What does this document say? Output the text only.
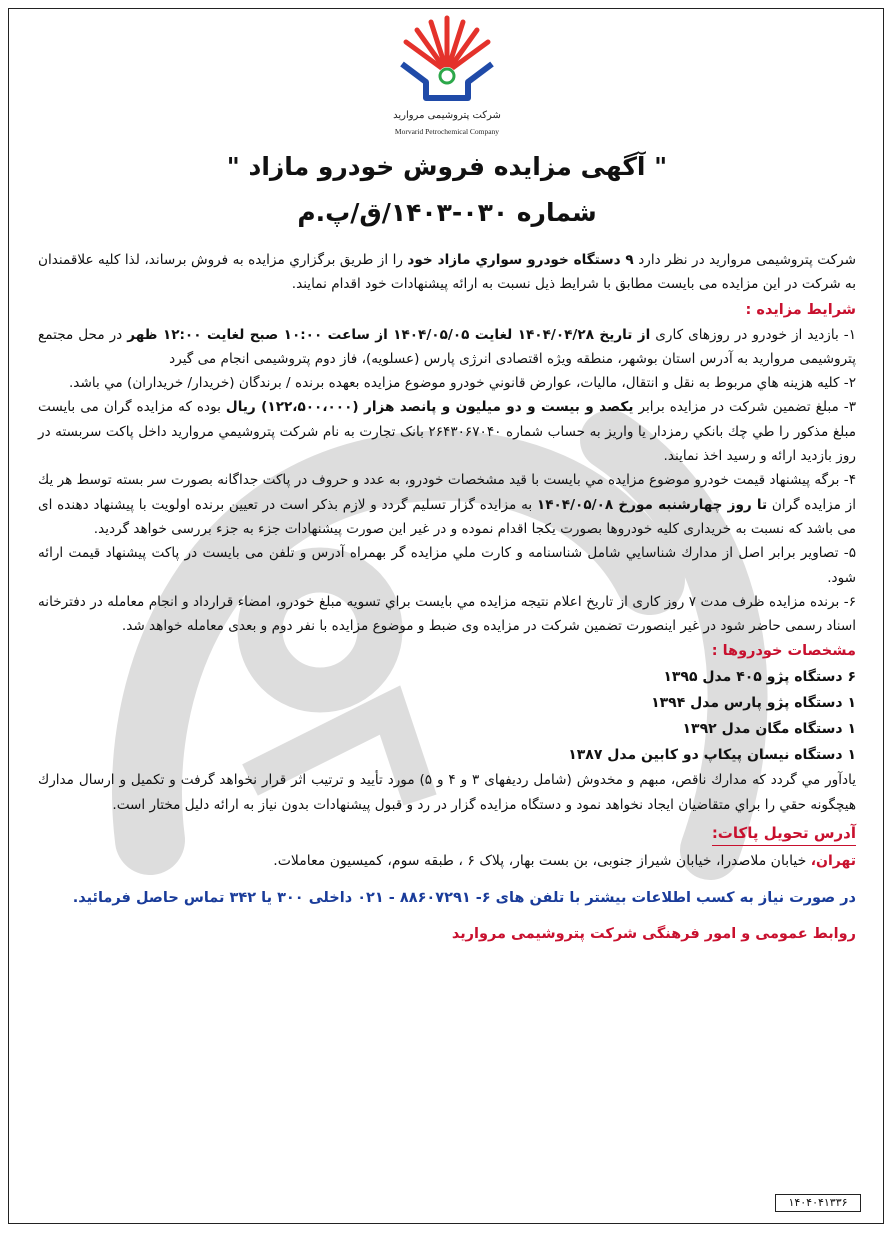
شرکت پتروشیمی مروارید
Morvarid Petrochemical Company
" آگهی مزایده فروش خودرو مازاد "
شماره ۰۳۰-۱۴۰۳/ق/پ.م

شرکت پتروشیمی مروارید در نظر دارد ۹ دستگاه خودرو سواري مازاد خود را از طریق برگزاري مزایده به فروش برساند، لذا کلیه علاقمندان به شرکت در این مزایده می بایست مطابق با شرایط ذیل نسبت به ارائه پیشنهادات خود اقدام نمایند.

شرایط مزایده :

۱- بازدید از خودرو در روزهای کاری از تاریخ ۱۴۰۴/۰۴/۲۸ لغایت ۱۴۰۴/۰۵/۰۵ از ساعت ۱۰:۰۰ صبح لغایت ۱۲:۰۰ ظهر در محل مجتمع پتروشیمی مروارید به آدرس استان بوشهر، منطقه ویژه اقتصادی انرژی پارس (عسلویه)، فاز دوم پتروشیمی انجام می گیرد

۲- کلیه هزینه هاي مربوط به نقل و انتقال، مالیات، عوارض قانوني خودرو موضوع مزایده بعهده برنده / برندگان (خریدار/ خریداران) مي باشد.

۳- مبلغ تضمین شرکت در مزایده برابر یکصد و بیست و دو میلیون و پانصد هزار (۱۲۲،۵۰۰،۰۰۰) ریال بوده که مزایده گران می بایست مبلغ مذکور را طي چك بانكي رمزدار یا واریز به حساب شماره ۲۶۴۳۰۶۷۰۴۰ بانک تجارت به نام شرکت پتروشیمي مروارید داخل پاکت سربسته در روز بازدید ارائه و رسید اخذ نمایند.

۴- برگه پیشنهاد قیمت خودرو موضوع مزایده مي بایست با قید مشخصات خودرو، به عدد و حروف در پاکت جداگانه بصورت سر بسته توسط هر یك از مزایده گران تا روز چهارشنبه مورخ ۱۴۰۴/۰۵/۰۸ به مزایده گزار تسلیم گردد و لازم بذکر است در تعیین برنده اولویت با پیشنهاد دهنده ای می باشد که نسبت به خریداری کلیه خودروها بصورت یکجا اقدام نموده و در غیر این صورت پیشنهادات جزء به جزء بررسی خواهد گردید.

۵- تصاویر برابر اصل از مدارك شناسایي شامل شناسنامه و کارت ملي مزایده گر بهمراه آدرس و تلفن می بایست در پاکت پیشنهاد قیمت ارائه شود.

۶- برنده مزایده ظرف مدت ۷ روز کاری از تاریخ اعلام نتیجه مزایده مي بایست براي تسویه مبلغ خودرو، امضاء قرارداد و انجام معامله در دفترخانه اسناد رسمی حاضر شود در غیر اینصورت تضمین شرکت در مزایده وی ضبط و موضوع مزایده با نفر دوم و بعدی معامله خواهد شد.

مشخصات خودروها :
۶ دستگاه پژو ۴۰۵ مدل ۱۳۹۵
۱ دستگاه پژو پارس مدل ۱۳۹۴
۱ دستگاه مگان مدل ۱۳۹۲
۱ دستگاه نیسان پیکاپ دو کابین مدل ۱۳۸۷

یادآور مي گردد که مدارك ناقص، مبهم و مخدوش (شامل ردیفهای ۳ و ۴ و ۵) مورد تأیید و ترتیب اثر قرار نخواهد گرفت و تکمیل و ارسال مدارك هیچگونه حقي را براي متقاضیان ایجاد نخواهد نمود و دستگاه مزایده گزار در رد و قبول پیشنهادات بدون نیاز به ارائه دلیل مختار است.

آدرس تحویل پاکات:
تهران، خیابان ملاصدرا، خیابان شیراز جنوبی، بن بست بهار، پلاک ۶ ، طبقه سوم، کمیسیون معاملات.
در صورت نیاز به کسب اطلاعات بیشتر با تلفن های ۶- ۸۸۶۰۷۲۹۱ - ۰۲۱ داخلی ۳۰۰ یا ۳۴۲ تماس حاصل فرمائید.
روابط عمومی و امور فرهنگی شرکت پتروشیمی مروارید
۱۴۰۴۰۴۱۳۳۶
